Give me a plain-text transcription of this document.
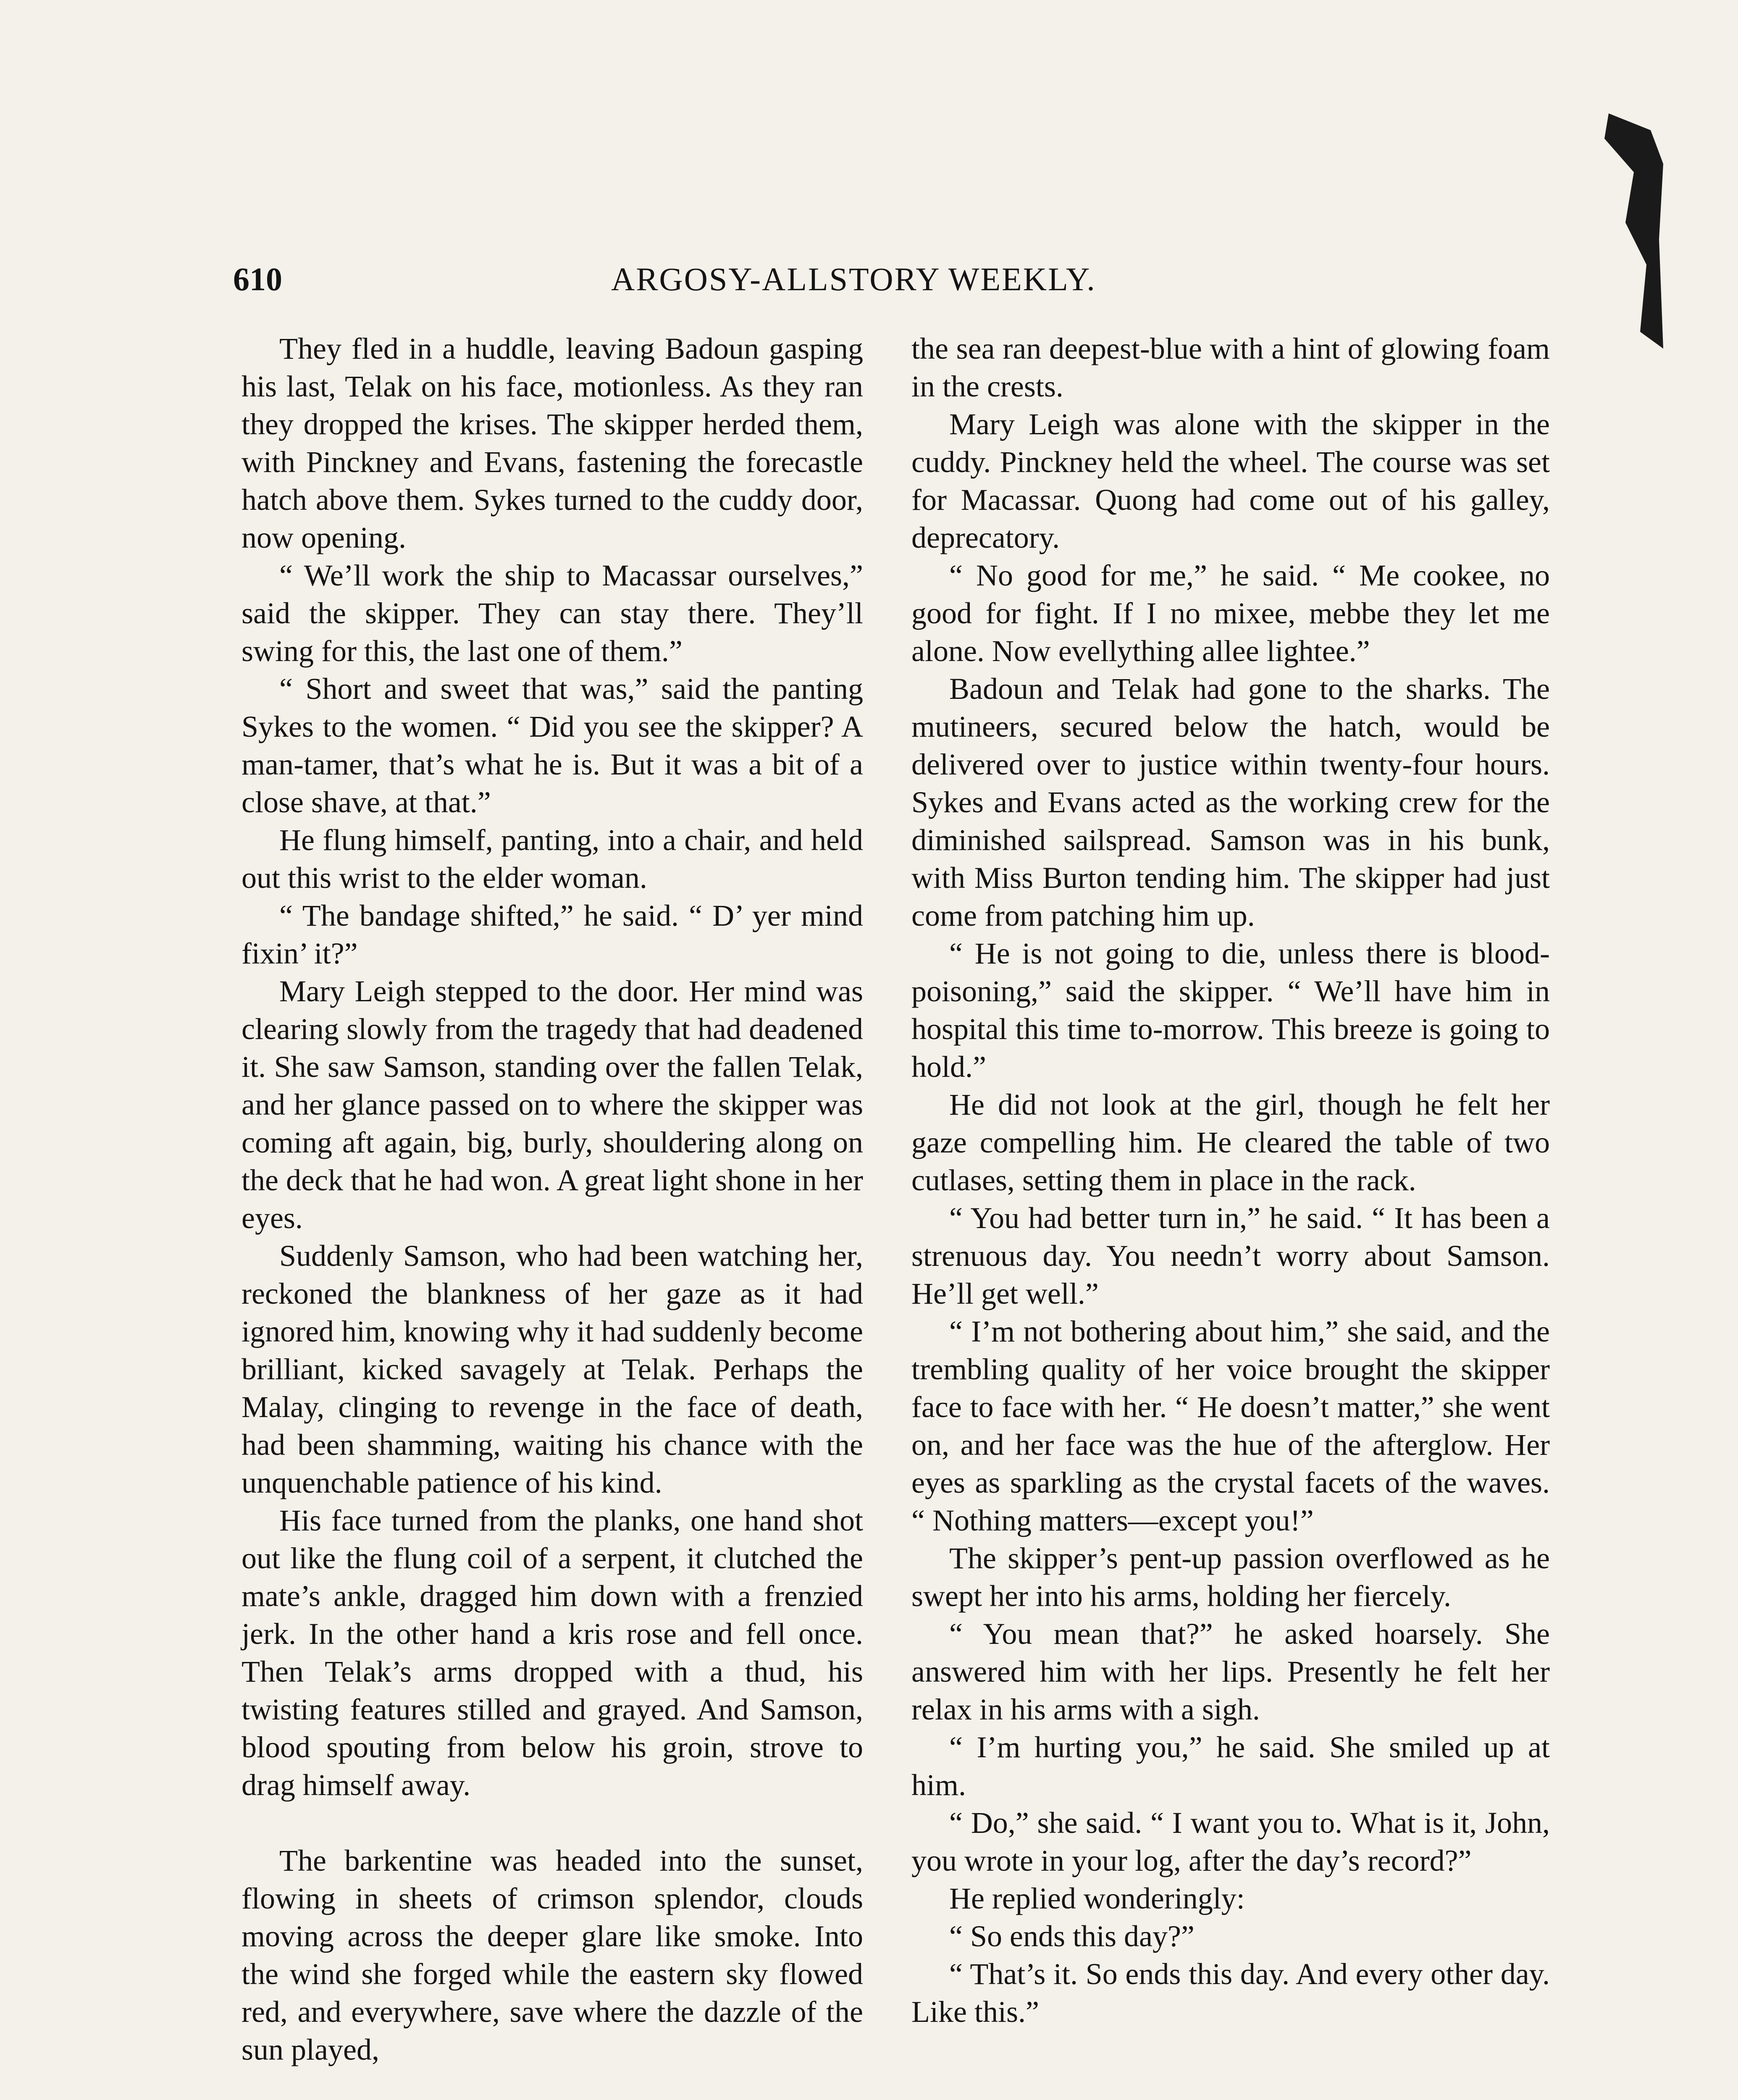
610	ARGOSY-ALLSTORY WEEKLY.

They fled in a huddle, leaving Badoun gasping his last, Telak on his face, motionless. As they ran they dropped the krises. The skipper herded them, with Pinckney and Evans, fastening the forecastle hatch above them. Sykes turned to the cuddy door, now opening.

“ We’ll work the ship to Macassar ourselves,” said the skipper. They can stay there. They’ll swing for this, the last one of them.”

“ Short and sweet that was,” said the panting Sykes to the women. “ Did you see the skipper? A man-tamer, that’s what he is. But it was a bit of a close shave, at that.”

He flung himself, panting, into a chair, and held out this wrist to the elder woman.

“ The bandage shifted,” he said. “ D’ yer mind fixin’ it?”

Mary Leigh stepped to the door. Her mind was clearing slowly from the tragedy that had deadened it. She saw Samson, standing over the fallen Telak, and her glance passed on to where the skipper was coming aft again, big, burly, shouldering along on the deck that he had won. A great light shone in her eyes.

Suddenly Samson, who had been watching her, reckoned the blankness of her gaze as it had ignored him, knowing why it had suddenly become brilliant, kicked savagely at Telak. Perhaps the Malay, clinging to revenge in the face of death, had been shamming, waiting his chance with the unquenchable patience of his kind.

His face turned from the planks, one hand shot out like the flung coil of a serpent, it clutched the mate’s ankle, dragged him down with a frenzied jerk. In the other hand a kris rose and fell once. Then Telak’s arms dropped with a thud, his twisting features stilled and grayed. And Samson, blood spouting from below his groin, strove to drag himself away.

The barkentine was headed into the sunset, flowing in sheets of crimson splendor, clouds moving across the deeper glare like smoke. Into the wind she forged while the eastern sky flowed red, and everywhere, save where the dazzle of the sun played,

the sea ran deepest-blue with a hint of glowing foam in the crests.

Mary Leigh was alone with the skipper in the cuddy. Pinckney held the wheel. The course was set for Macassar. Quong had come out of his galley, deprecatory.

“ No good for me,” he said. “ Me cookee, no good for fight. If I no mixee, mebbe they let me alone. Now evellything allee lightee.”

Badoun and Telak had gone to the sharks. The mutineers, secured below the hatch, would be delivered over to justice within twenty-four hours. Sykes and Evans acted as the working crew for the diminished sailspread. Samson was in his bunk, with Miss Burton tending him. The skipper had just come from patching him up.

“ He is not going to die, unless there is blood-poisoning,” said the skipper. “ We’ll have him in hospital this time to-morrow. This breeze is going to hold.”

He did not look at the girl, though he felt her gaze compelling him. He cleared the table of two cutlases, setting them in place in the rack.

“ You had better turn in,” he said. “ It has been a strenuous day. You needn’t worry about Samson. He’ll get well.”

“ I’m not bothering about him,” she said, and the trembling quality of her voice brought the skipper face to face with her. “ He doesn’t matter,” she went on, and her face was the hue of the afterglow. Her eyes as sparkling as the crystal facets of the waves. “ Nothing matters—except you!”

The skipper’s pent-up passion overflowed as he swept her into his arms, holding her fiercely.

“ You mean that?” he asked hoarsely. She answered him with her lips. Presently he felt her relax in his arms with a sigh.

“ I’m hurting you,” he said. She smiled up at him.

“ Do,” she said. “ I want you to. What is it, John, you wrote in your log, after the day’s record?”

He replied wonderingly:

“ So ends this day?”

“ That’s it. So ends this day. And every other day. Like this.”
